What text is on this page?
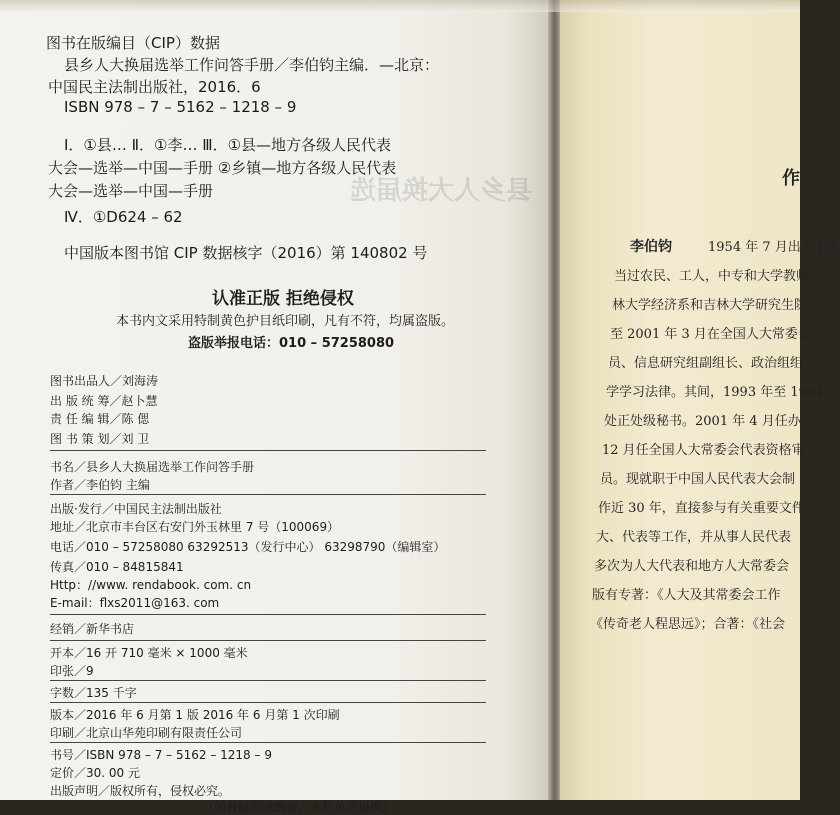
县乡人大换届选
图书在版编目（CIP）数据
县乡人大换届选举工作问答手册／李伯钧主编．—北京：
中国民主法制出版社，2016．6
ISBN 978 – 7 – 5162 – 1218 – 9
Ⅰ．①县… Ⅱ．①李… Ⅲ．①县—地方各级人民代表
大会—选举—中国—手册 ②乡镇—地方各级人民代表
大会—选举—中国—手册
Ⅳ．①D624 – 62
中国版本图书馆 CIP 数据核字（2016）第 140802 号
认准正版 拒绝侵权
本书内文采用特制黄色护目纸印刷，凡有不符，均属盗版。
盗版举报电话：010 – 57258080
图书出品人／刘海涛
出 版 统 筹／赵卜慧
责 任 编 辑／陈 偲
图 书 策 划／刘 卫
书名／县乡人大换届选举工作问答手册
作者／李伯钧 主编
出版·发行／中国民主法制出版社
地址／北京市丰台区右安门外玉林里 7 号（100069）
电话／010 – 57258080 63292513（发行中心） 63298790（编辑室）
传真／010 – 84815841
Http：//www. rendabook. com. cn
E-mail：flxs2011@163. com
经销／新华书店
开本／16 开 710 毫米 × 1000 毫米
印张／9
字数／135 千字
版本／2016 年 6 月第 1 版 2016 年 6 月第 1 次印刷
印刷／北京山华苑印刷有限责任公司
书号／ISBN 978 – 7 – 5162 – 1218 – 9
定价／30. 00 元
出版声明／版权所有，侵权必究。
（如有缺页或倒装，本社负责退换）
作
李伯钧	1954 年 7 月出生于吉
当过农民、工人，中专和大学教师
林大学经济系和吉林大学研究生院
至 2001 年 3 月在全国人大常委会办
员、信息研究组副组长、政治组组
学学习法律。其间，1993 年至 1994
处正处级秘书。2001 年 4 月任办公
12 月任全国人大常委会代表资格审
员。现就职于中国人民代表大会制
作近 30 年，直接参与有关重要文件
大、代表等工作，并从事人民代表
多次为人大代表和地方人大常委会
版有专著：《人大及其常委会工作
《传奇老人程思远》；合著：《社会
